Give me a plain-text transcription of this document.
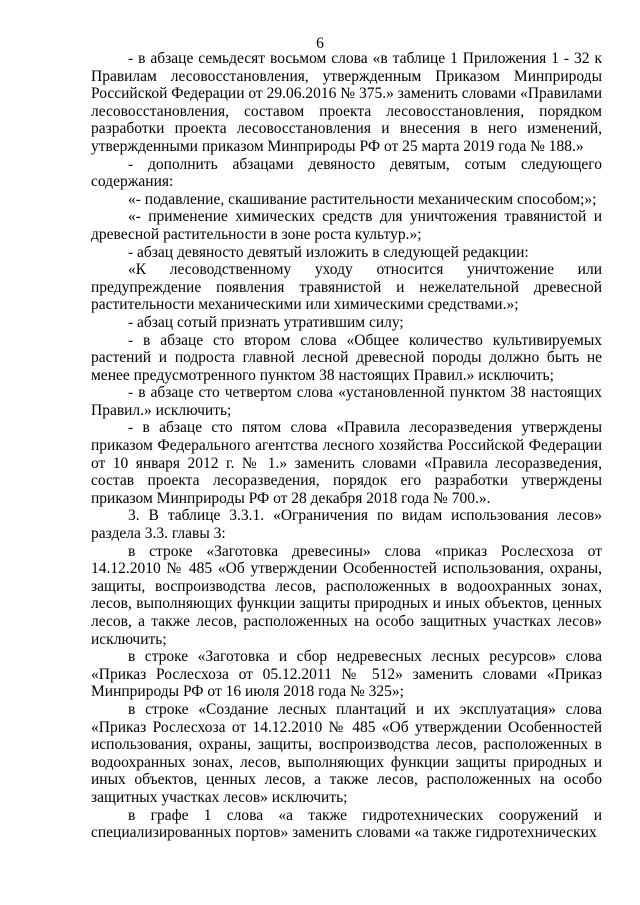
6

- в абзаце семьдесят восьмом слова «в таблице 1 Приложения 1 - 32 к Правилам лесовосстановления, утвержденным Приказом Минприроды Российской Федерации от 29.06.2016 № 375.» заменить словами «Правилами лесовосстановления, составом проекта лесовосстановления, порядком разработки проекта лесовосстановления и внесения в него изменений, утвержденными приказом Минприроды РФ от 25 марта 2019 года № 188.»

- дополнить абзацами девяносто девятым, сотым следующего содержания:

«- подавление, скашивание растительности механическим способом;»;

«- применение химических средств для уничтожения травянистой и древесной растительности в зоне роста культур.»;

- абзац девяносто девятый изложить в следующей редакции:

«К лесоводственному уходу относится уничтожение или предупреждение появления травянистой и нежелательной древесной растительности механическими или химическими средствами.»;

- абзац сотый признать утратившим силу;

- в абзаце сто втором слова «Общее количество культивируемых растений и подроста главной лесной древесной породы должно быть не менее предусмотренного пунктом 38 настоящих Правил.» исключить;

- в абзаце сто четвертом слова «установленной пунктом 38 настоящих Правил.» исключить;

- в абзаце сто пятом слова «Правила лесоразведения утверждены приказом Федерального агентства лесного хозяйства Российской Федерации от 10 января 2012 г. № 1.» заменить словами «Правила лесоразведения, состав проекта лесоразведения, порядок его разработки утверждены приказом Минприроды РФ от 28 декабря 2018 года № 700.».

3. В таблице 3.3.1. «Ограничения по видам использования лесов» раздела 3.3. главы 3:

в строке «Заготовка древесины» слова «приказ Рослесхоза от 14.12.2010 № 485 «Об утверждении Особенностей использования, охраны, защиты, воспроизводства лесов, расположенных в водоохранных зонах, лесов, выполняющих функции защиты природных и иных объектов, ценных лесов, а также лесов, расположенных на особо защитных участках лесов» исключить;

в строке «Заготовка и сбор недревесных лесных ресурсов» слова «Приказ Рослесхоза от 05.12.2011 № 512» заменить словами «Приказ Минприроды РФ от 16 июля 2018 года № 325»;

в строке «Создание лесных плантаций и их эксплуатация» слова «Приказ Рослесхоза от 14.12.2010 № 485 «Об утверждении Особенностей использования, охраны, защиты, воспроизводства лесов, расположенных в водоохранных зонах, лесов, выполняющих функции защиты природных и иных объектов, ценных лесов, а также лесов, расположенных на особо защитных участках лесов» исключить;

в графе 1 слова «а также гидротехнических сооружений и специализированных портов» заменить словами «а также гидротехнических
